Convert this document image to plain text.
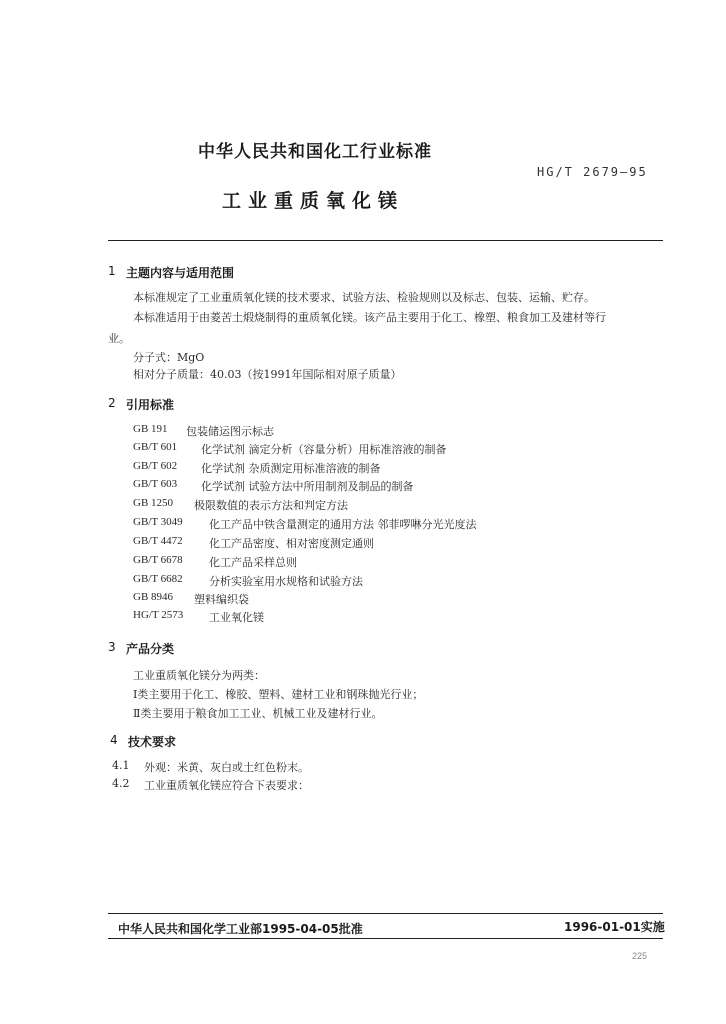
中华人民共和国化工行业标准
HG/T 2679—95
工业重质氧化镁
1 主题内容与适用范围
本标准规定了工业重质氧化镁的技术要求、试验方法、检验规则以及标志、包装、运输、贮存。
本标准适用于由菱苦土煅烧制得的重质氧化镁。该产品主要用于化工、橡塑、粮食加工及建材等行
业。
分子式：MgO
相对分子质量：40.03（按1991年国际相对原子质量）
2 引用标准
GB 191 包装储运图示标志
GB/T 601 化学试剂 滴定分析（容量分析）用标准溶液的制备
GB/T 602 化学试剂 杂质测定用标准溶液的制备
GB/T 603 化学试剂 试验方法中所用制剂及制品的制备
GB 1250 极限数值的表示方法和判定方法
GB/T 3049 化工产品中铁含量测定的通用方法 邻菲啰啉分光光度法
GB/T 4472 化工产品密度、相对密度测定通则
GB/T 6678 化工产品采样总则
GB/T 6682 分析实验室用水规格和试验方法
GB 8946 塑料编织袋
HG/T 2573 工业氧化镁
3 产品分类
工业重质氧化镁分为两类：
Ⅰ类主要用于化工、橡胶、塑料、建材工业和钢珠抛光行业；
Ⅱ类主要用于粮食加工工业、机械工业及建材行业。
4 技术要求
4.1 外观：米黄、灰白或土红色粉末。
4.2 工业重质氧化镁应符合下表要求：
中华人民共和国化学工业部1995-04-05批准	1996-01-01实施
225
